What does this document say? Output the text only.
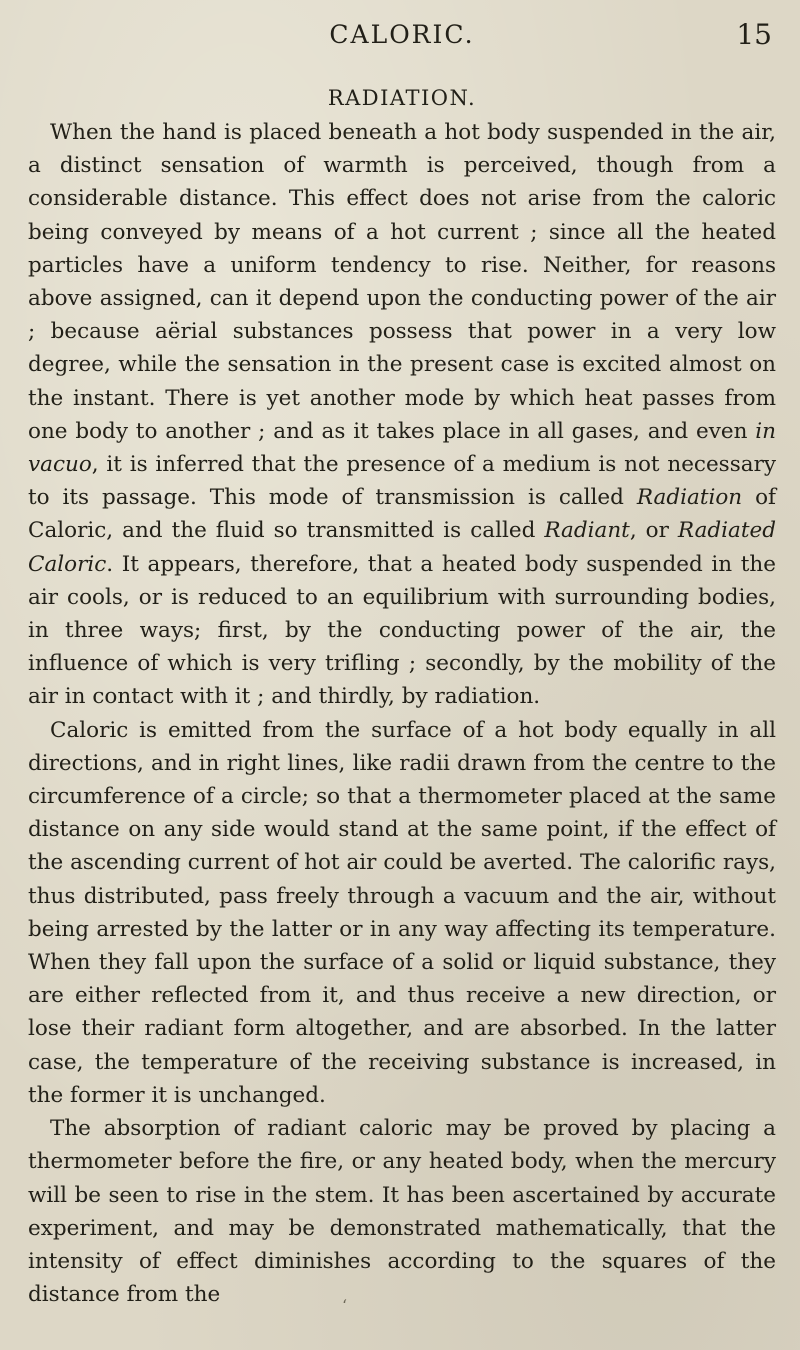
CALORIC.	15
RADIATION.

When the hand is placed beneath a hot body suspended in the air, a distinct sensation of warmth is perceived, though from a considerable distance. This effect does not arise from the caloric being conveyed by means of a hot current ; since all the heated particles have a uniform tendency to rise. Neither, for reasons above assigned, can it depend upon the conducting power of the air ; because aërial substances possess that power in a very low degree, while the sensation in the present case is excited almost on the instant. There is yet another mode by which heat passes from one body to another ; and as it takes place in all gases, and even in vacuo, it is inferred that the presence of a medium is not necessary to its passage. This mode of transmission is called Radiation of Caloric, and the fluid so transmitted is called Radiant, or Radiated Caloric. It appears, therefore, that a heated body suspended in the air cools, or is reduced to an equilibrium with surrounding bodies, in three ways; first, by the conducting power of the air, the influence of which is very trifling ; secondly, by the mobility of the air in contact with it ; and thirdly, by radiation.

Caloric is emitted from the surface of a hot body equally in all directions, and in right lines, like radii drawn from the centre to the circumference of a circle; so that a thermometer placed at the same distance on any side would stand at the same point, if the effect of the ascending current of hot air could be averted. The calorific rays, thus distributed, pass freely through a vacuum and the air, without being arrested by the latter or in any way affecting its temperature. When they fall upon the surface of a solid or liquid substance, they are either reflected from it, and thus receive a new direction, or lose their radiant form altogether, and are absorbed. In the latter case, the temperature of the receiving substance is increased, in the former it is unchanged.

The absorption of radiant caloric may be proved by placing a thermometer before the fire, or any heated body, when the mercury will be seen to rise in the stem. It has been ascertained by accurate experiment, and may be demonstrated mathematically, that the intensity of effect diminishes according to the squares of the distance from the	‘
